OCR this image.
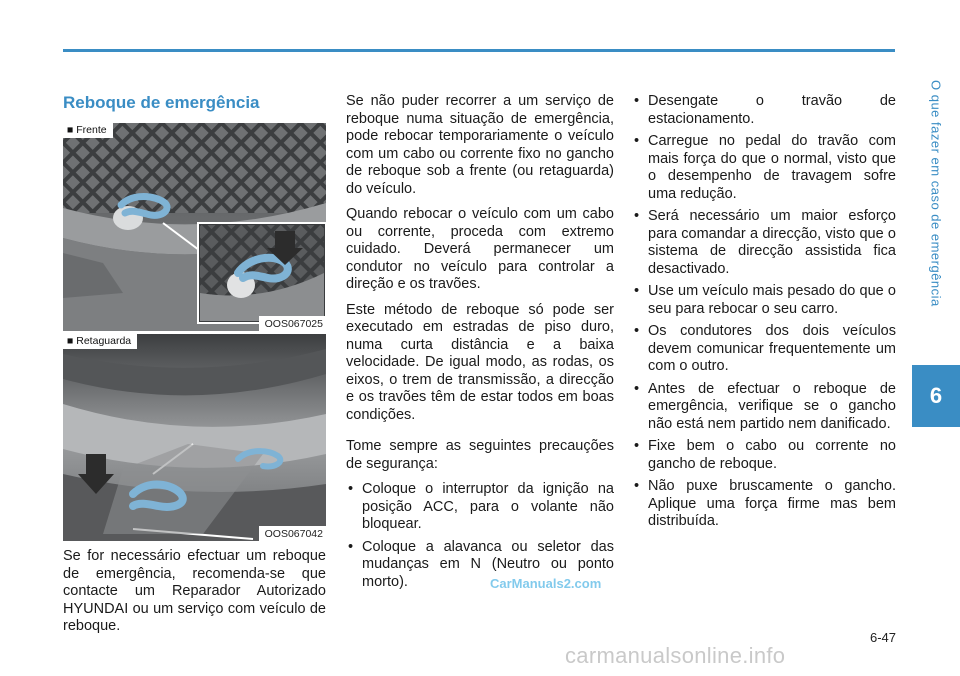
O que fazer em caso de emergência
6
Reboque de emergência
■ Frente
OOS067025
■ Retaguarda
OOS067042

Se for necessário efectuar um reboque de emergência, recomenda-se que contacte um Reparador Autorizado HYUNDAI ou um serviço com veículo de reboque.

Se não puder recorrer a um serviço de reboque numa situação de emergência, pode rebocar temporariamente o veículo com um cabo ou corrente fixo no gancho de reboque sob a frente (ou retaguarda) do veículo.

Quando rebocar o veículo com um cabo ou corrente, proceda com extremo cuidado. Deverá permanecer um condutor no veículo para controlar a direção e os travões.

Este método de reboque só pode ser executado em estradas de piso duro, numa curta distância e a baixa velocidade. De igual modo, as rodas, os eixos, o trem de transmissão, a direcção e os travões têm de estar todos em boas condições.

Tome sempre as seguintes precauções de segurança:

• Coloque o interruptor da ignição na posição ACC, para o volante não bloquear.
• Coloque a alavanca ou seletor das mudanças em N (Neutro ou ponto morto).
• Desengate o travão de estacionamento.
• Carregue no pedal do travão com mais força do que o normal, visto que o desempenho de travagem sofre uma redução.
• Será necessário um maior esforço para comandar a direcção, visto que o sistema de direcção assistida fica desactivado.
• Use um veículo mais pesado do que o seu para rebocar o seu carro.
• Os condutores dos dois veículos devem comunicar frequentemente um com o outro.
• Antes de efectuar o reboque de emergência, verifique se o gancho não está nem partido nem danificado.
• Fixe bem o cabo ou corrente no gancho de reboque.
• Não puxe bruscamente o gancho. Aplique uma força firme mas bem distribuída.
CarManuals2.com
6-47
carmanualsonline.info
